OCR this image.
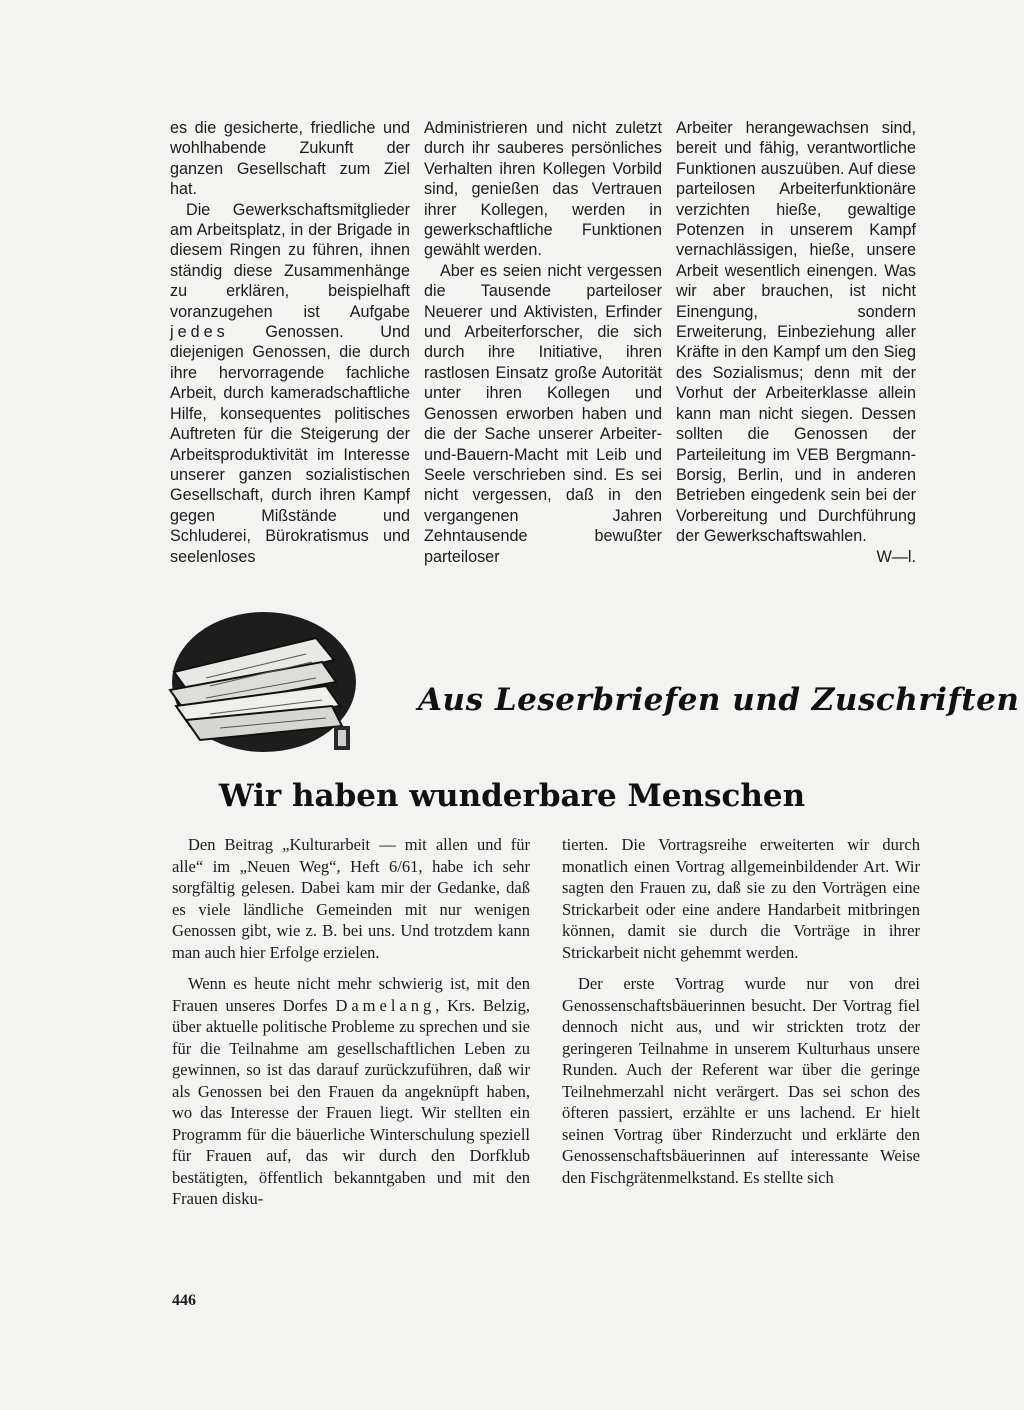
es die gesicherte, friedliche und wohlhabende Zukunft der ganzen Gesellschaft zum Ziel hat.

Die Gewerkschaftsmitglieder am Arbeitsplatz, in der Brigade in diesem Ringen zu führen, ihnen ständig diese Zusammenhänge zu erklären, beispielhaft voranzugehen ist Aufgabe jedes Genossen. Und diejenigen Genossen, die durch ihre hervorragende fachliche Arbeit, durch kameradschaftliche Hilfe, konsequentes politisches Auftreten für die Steigerung der Arbeitsproduktivität im Interesse unserer ganzen sozialistischen Gesellschaft, durch ihren Kampf gegen Mißstände und Schluderei, Bürokratismus und seelenloses

Administrieren und nicht zuletzt durch ihr sauberes persönliches Verhalten ihren Kollegen Vorbild sind, genießen das Vertrauen ihrer Kollegen, werden in gewerkschaftliche Funktionen gewählt werden.

Aber es seien nicht vergessen die Tausende parteiloser Neuerer und Aktivisten, Erfinder und Arbeiterforscher, die sich durch ihre Initiative, ihren rastlosen Einsatz große Autorität unter ihren Kollegen und Genossen erworben haben und die der Sache unserer Arbeiter-und-Bauern-Macht mit Leib und Seele verschrieben sind. Es sei nicht vergessen, daß in den vergangenen Jahren Zehntausende bewußter parteiloser

Arbeiter herangewachsen sind, bereit und fähig, verantwortliche Funktionen auszuüben. Auf diese parteilosen Arbeiterfunktionäre verzichten hieße, gewaltige Potenzen in unserem Kampf vernachlässigen, hieße, unsere Arbeit wesentlich einengen. Was wir aber brauchen, ist nicht Einengung, sondern Erweiterung, Einbeziehung aller Kräfte in den Kampf um den Sieg des Sozialismus; denn mit der Vorhut der Arbeiterklasse allein kann man nicht siegen. Dessen sollten die Genossen der Parteileitung im VEB Bergmann-Borsig, Berlin, und in anderen Betrieben eingedenk sein bei der Vorbereitung und Durchführung der Gewerkschaftswahlen.

W—l.
Aus Leserbriefen und Zuschriften
Wir haben wunderbare Menschen

Den Beitrag „Kulturarbeit — mit allen und für alle“ im „Neuen Weg“, Heft 6/61, habe ich sehr sorgfältig gelesen. Dabei kam mir der Gedanke, daß es viele ländliche Gemeinden mit nur wenigen Genossen gibt, wie z. B. bei uns. Und trotzdem kann man auch hier Erfolge erzielen.

Wenn es heute nicht mehr schwierig ist, mit den Frauen unseres Dorfes Damelang, Krs. Belzig, über aktuelle politische Probleme zu sprechen und sie für die Teilnahme am gesellschaftlichen Leben zu gewinnen, so ist das darauf zurückzuführen, daß wir als Genossen bei den Frauen da angeknüpft haben, wo das Interesse der Frauen liegt. Wir stellten ein Programm für die bäuerliche Winterschulung speziell für Frauen auf, das wir durch den Dorfklub bestätigten, öffentlich bekanntgaben und mit den Frauen disku-

tierten. Die Vortragsreihe erweiterten wir durch monatlich einen Vortrag allgemeinbildender Art. Wir sagten den Frauen zu, daß sie zu den Vorträgen eine Strickarbeit oder eine andere Handarbeit mitbringen können, damit sie durch die Vorträge in ihrer Strickarbeit nicht gehemmt werden.

Der erste Vortrag wurde nur von drei Genossenschaftsbäuerinnen besucht. Der Vortrag fiel dennoch nicht aus, und wir strickten trotz der geringeren Teilnahme in unserem Kulturhaus unsere Runden. Auch der Referent war über die geringe Teilnehmerzahl nicht verärgert. Das sei schon des öfteren passiert, erzählte er uns lachend. Er hielt seinen Vortrag über Rinderzucht und erklärte den Genossenschaftsbäuerinnen auf interessante Weise den Fischgrätenmelkstand. Es stellte sich

446
